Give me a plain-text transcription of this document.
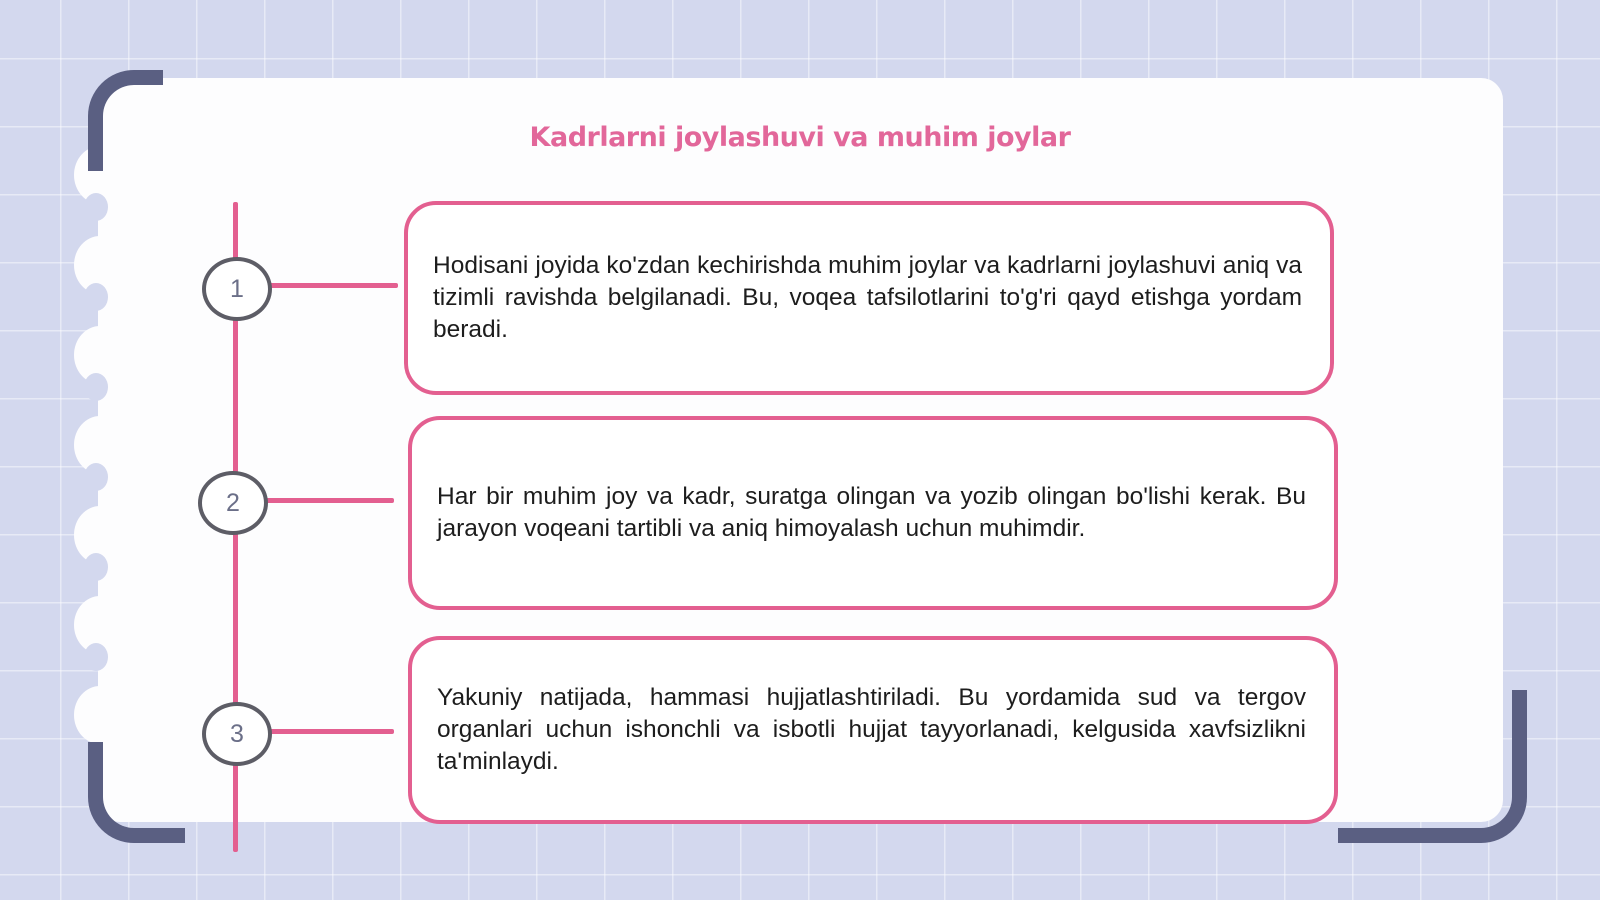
Kadrlarni joylashuvi va muhim joylar
1
2
3

Hodisani joyida ko'zdan kechirishda muhim joylar va kadrlarni joylashuvi aniq va tizimli ravishda belgilanadi. Bu, voqea tafsilotlarini to'g'ri qayd etishga yordam beradi.

Har bir muhim joy va kadr, suratga olingan va yozib olingan bo'lishi kerak. Bu jarayon voqeani tartibli va aniq himoyalash uchun muhimdir.

Yakuniy natijada, hammasi hujjatlashtiriladi. Bu yordamida sud va tergov organlari uchun ishonchli va isbotli hujjat tayyorlanadi, kelgusida xavfsizlikni ta'minlaydi.
